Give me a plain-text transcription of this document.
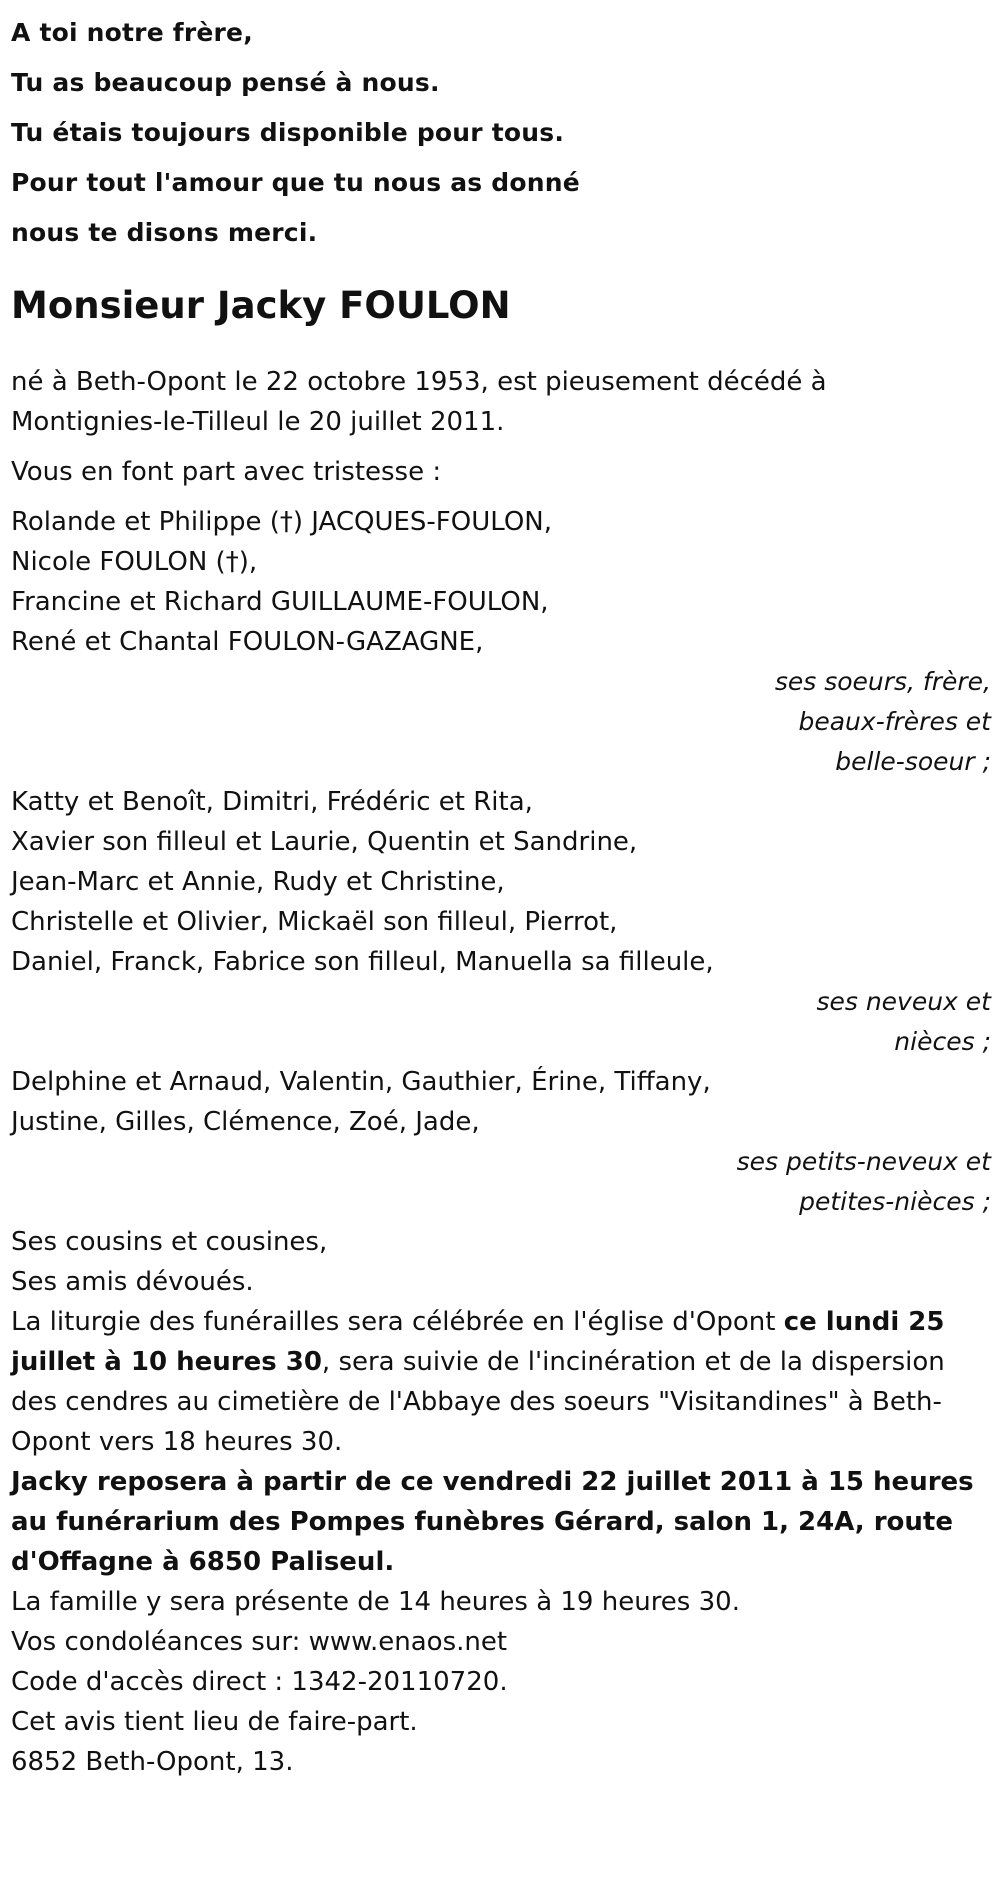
A toi notre frère,
Tu as beaucoup pensé à nous.
Tu étais toujours disponible pour tous.
Pour tout l'amour que tu nous as donné
nous te disons merci.
Monsieur Jacky FOULON

né à Beth-Opont le 22 octobre 1953, est pieusement décédé à
Montignies-le-Tilleul le 20 juillet 2011.

Vous en font part avec tristesse :

Rolande et Philippe (†) JACQUES-FOULON,
Nicole FOULON (†),
Francine et Richard GUILLAUME-FOULON,
René et Chantal FOULON-GAZAGNE,
ses soeurs, frère,
beaux-frères et
belle-soeur ;
Katty et Benoît, Dimitri, Frédéric et Rita,
Xavier son filleul et Laurie, Quentin et Sandrine,
Jean-Marc et Annie, Rudy et Christine,
Christelle et Olivier, Mickaël son filleul, Pierrot,
Daniel, Franck, Fabrice son filleul, Manuella sa filleule,
ses neveux et
nièces ;
Delphine et Arnaud, Valentin, Gauthier, Érine, Tiffany,
Justine, Gilles, Clémence, Zoé, Jade,
ses petits-neveux et
petites-nièces ;
Ses cousins et cousines,
Ses amis dévoués.

La liturgie des funérailles sera célébrée en l'église d'Opont ce lundi 25 juillet à 10 heures 30, sera suivie de l'incinération et de la dispersion des cendres au cimetière de l'Abbaye des soeurs "Visitandines" à Beth-Opont vers 18 heures 30.

Jacky reposera à partir de ce vendredi 22 juillet 2011 à 15 heures au funérarium des Pompes funèbres Gérard, salon 1, 24A, route d'Offagne à 6850 Paliseul.

La famille y sera présente de 14 heures à 19 heures 30.

Vos condoléances sur: www.enaos.net

Code d'accès direct : 1342-20110720.

Cet avis tient lieu de faire-part.

6852 Beth-Opont, 13.
